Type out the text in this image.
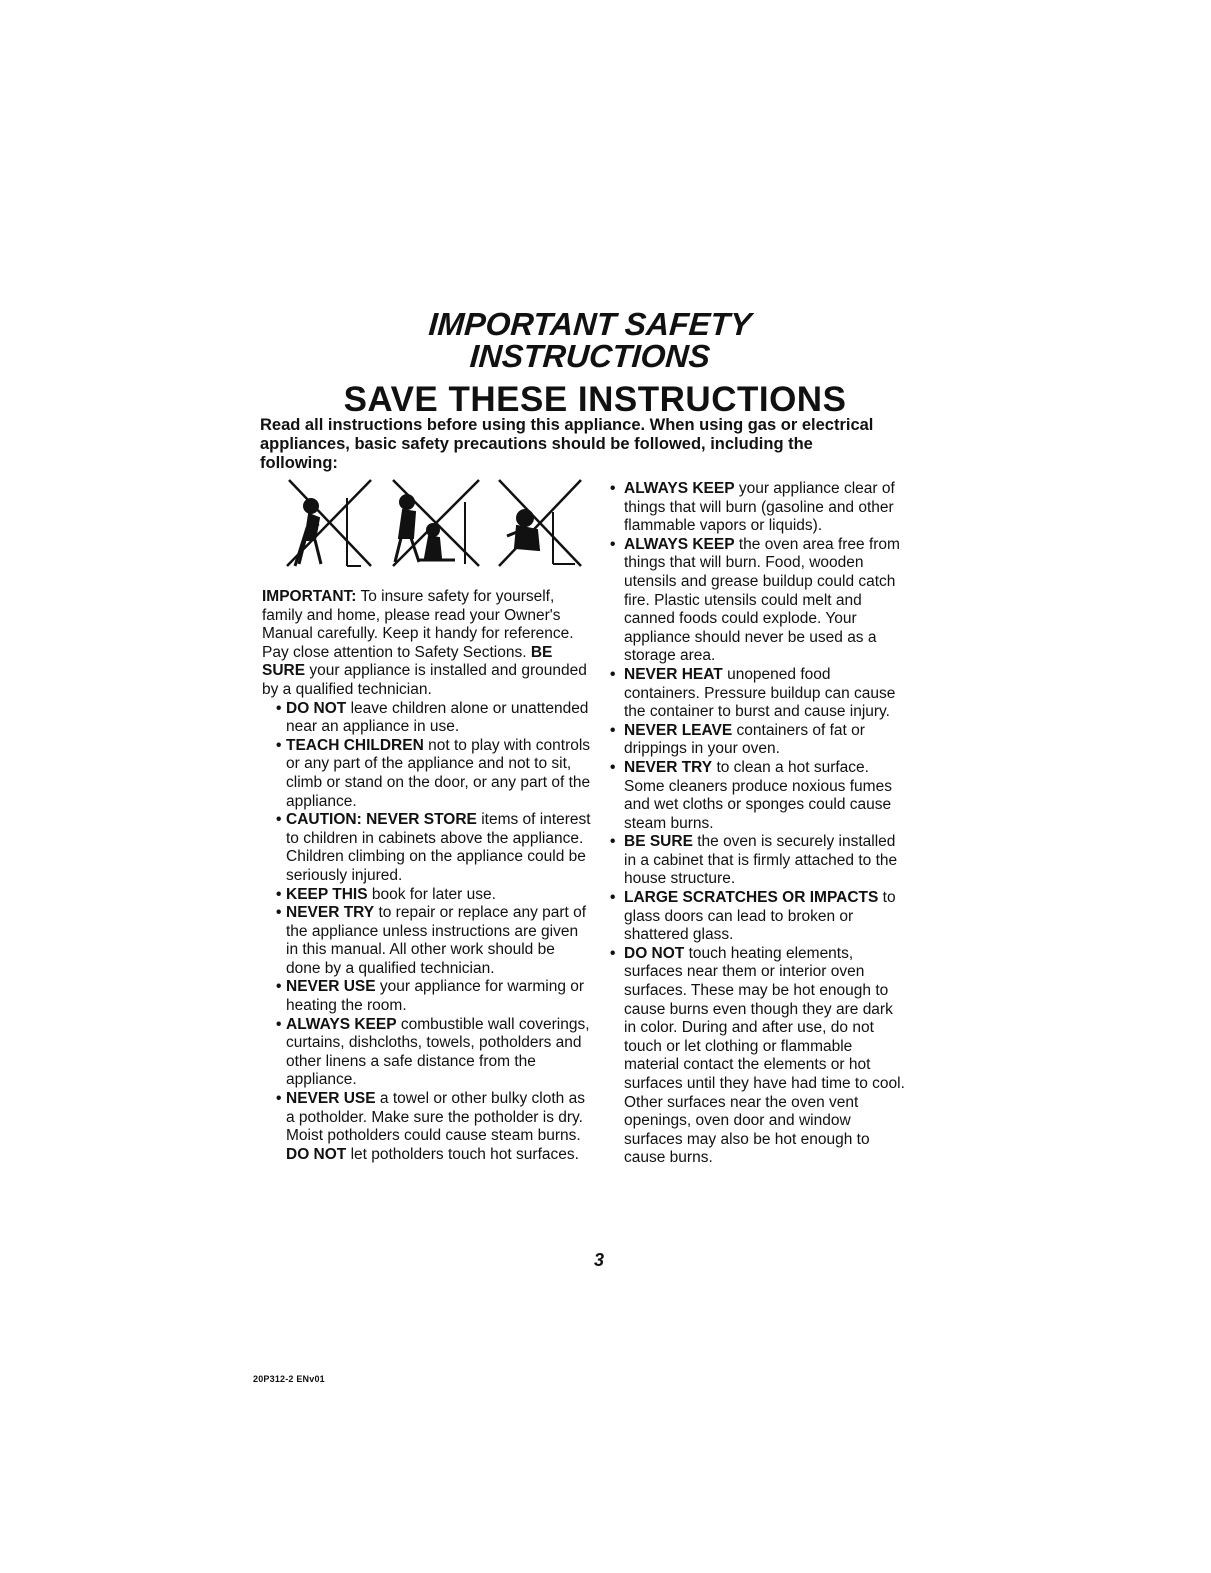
IMPORTANT SAFETY
INSTRUCTIONS
SAVE THESE INSTRUCTIONS

Read all instructions before using this appliance. When using gas or electrical appliances, basic safety precautions should be followed, including the following:

IMPORTANT: To insure safety for yourself, family and home, please read your Owner's Manual carefully. Keep it handy for reference. Pay close attention to Safety Sections. BE SURE your appliance is installed and grounded by a qualified technician.

• DO NOT leave children alone or unattended near an appliance in use.
• TEACH CHILDREN not to play with controls or any part of the appliance and not to sit, climb or stand on the door, or any part of the appliance.
• CAUTION: NEVER STORE items of interest to children in cabinets above the appliance. Children climbing on the appliance could be seriously injured.
• KEEP THIS book for later use.
• NEVER TRY to repair or replace any part of the appliance unless instructions are given in this manual. All other work should be done by a qualified technician.
• NEVER USE your appliance for warming or heating the room.
• ALWAYS KEEP combustible wall coverings, curtains, dishcloths, towels, potholders and other linens a safe distance from the appliance.
• NEVER USE a towel or other bulky cloth as a potholder. Make sure the potholder is dry. Moist potholders could cause steam burns. DO NOT let potholders touch hot surfaces.
• ALWAYS KEEP your appliance clear of things that will burn (gasoline and other flammable vapors or liquids).
• ALWAYS KEEP the oven area free from things that will burn. Food, wooden utensils and grease buildup could catch fire. Plastic utensils could melt and canned foods could explode. Your appliance should never be used as a storage area.
• NEVER HEAT unopened food containers. Pressure buildup can cause the container to burst and cause injury.
• NEVER LEAVE containers of fat or drippings in your oven.
• NEVER TRY to clean a hot surface. Some cleaners produce noxious fumes and wet cloths or sponges could cause steam burns.
• BE SURE the oven is securely installed in a cabinet that is firmly attached to the house structure.
• LARGE SCRATCHES OR IMPACTS to glass doors can lead to broken or shattered glass.
• DO NOT touch heating elements, surfaces near them or interior oven surfaces. These may be hot enough to cause burns even though they are dark in color. During and after use, do not touch or let clothing or flammable material contact the elements or hot surfaces until they have had time to cool. Other surfaces near the oven vent openings, oven door and window surfaces may also be hot enough to cause burns.
3
20P312-2 ENv01
